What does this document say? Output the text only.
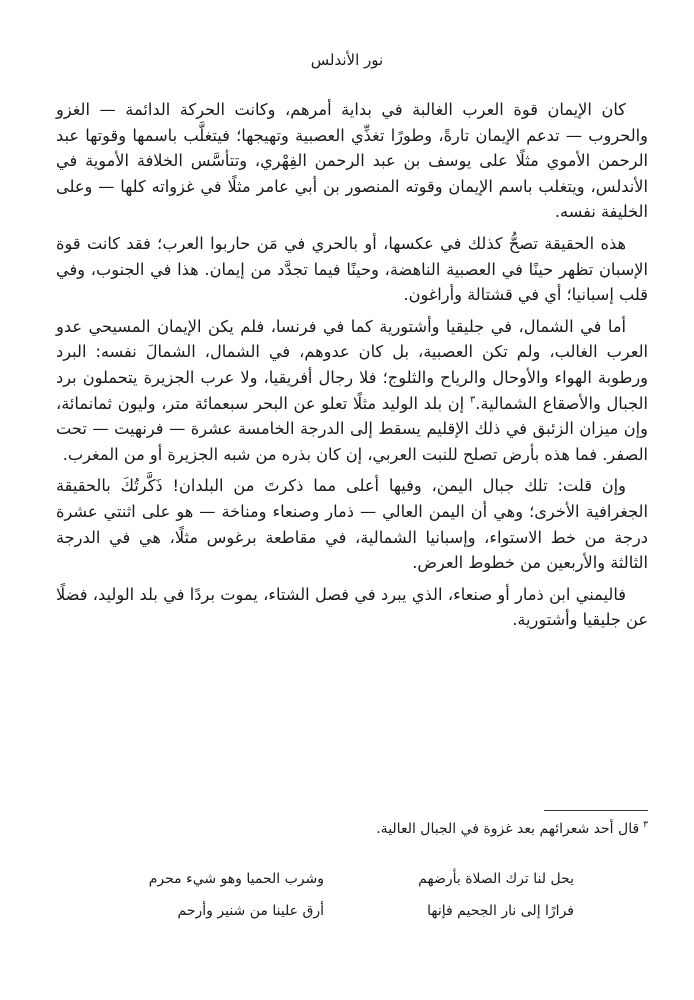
نور الأندلس

كان الإيمان قوة العرب الغالبة في بداية أمرهم، وكانت الحركة الدائمة — الغزو والحروب — تدعم الإيمان تارةً، وطورًا تغذِّي العصبية وتهيجها؛ فيتغلَّب باسمها وقوتها عبد الرحمن الأموي مثلًا على يوسف بن عبد الرحمن الفِهْري، وتتأسَّس الخلافة الأموية في الأندلس، ويتغلب باسم الإيمان وقوته المنصور بن أبي عامر مثلًا في غزواته كلها — وعلى الخليفة نفسه.

هذه الحقيقة تصحُّ كذلك في عكسها، أو بالحري في مَن حاربوا العرب؛ فقد كانت قوة الإسبان تظهر حينًا في العصبية الناهضة، وحينًا فيما تجدَّد من إيمان. هذا في الجنوب، وفي قلب إسبانيا؛ أي في قشتالة وأراغون.

أما في الشمال، في جليقيا وأشتورية كما في فرنسا، فلم يكن الإيمان المسيحي عدو العرب الغالب، ولم تكن العصبية، بل كان عدوهم، في الشمال، الشمالَ نفسه: البرد ورطوبة الهواء والأوحال والرياح والثلوج؛ فلا رجال أفريقيا، ولا عرب الجزيرة يتحملون برد الجبال والأصقاع الشمالية.$^٣$ إن بلد الوليد مثلًا تعلو عن البحر سبعمائة متر، وليون ثمانمائة، وإن ميزان الزئبق في ذلك الإقليم يسقط إلى الدرجة الخامسة عشرة — فرنهيت — تحت الصفر. فما هذه بأرض تصلح للنبت العربي، إن كان بذره من شبه الجزيرة أو من المغرب.

وإن قلت: تلك جبال اليمن، وفيها أعلى مما ذكرتَ من البلدان! ذَكَّرتُكَ بالحقيقة الجغرافية الأخرى؛ وهي أن اليمن العالي — ذمار وصنعاء ومناخة — هو على اثنتي عشرة درجة من خط الاستواء، وإسبانيا الشمالية، في مقاطعة برغوس مثلًا، هي في الدرجة الثالثة والأربعين من خطوط العرض.

فاليمني ابن ذمار أو صنعاء، الذي يبرد في فصل الشتاء، يموت بردًا في بلد الوليد، فضلًا عن جليقيا وأشتورية.

$^٣$قال أحد شعرائهم بعد غزوة في الجبال العالية.
يحل لنا ترك الصلاة بأرضهم
وشرب الحميا وهو شيء محرم
فرارًا إلى نار الجحيم فإنها
أرق علينا من شنير وأرحم
